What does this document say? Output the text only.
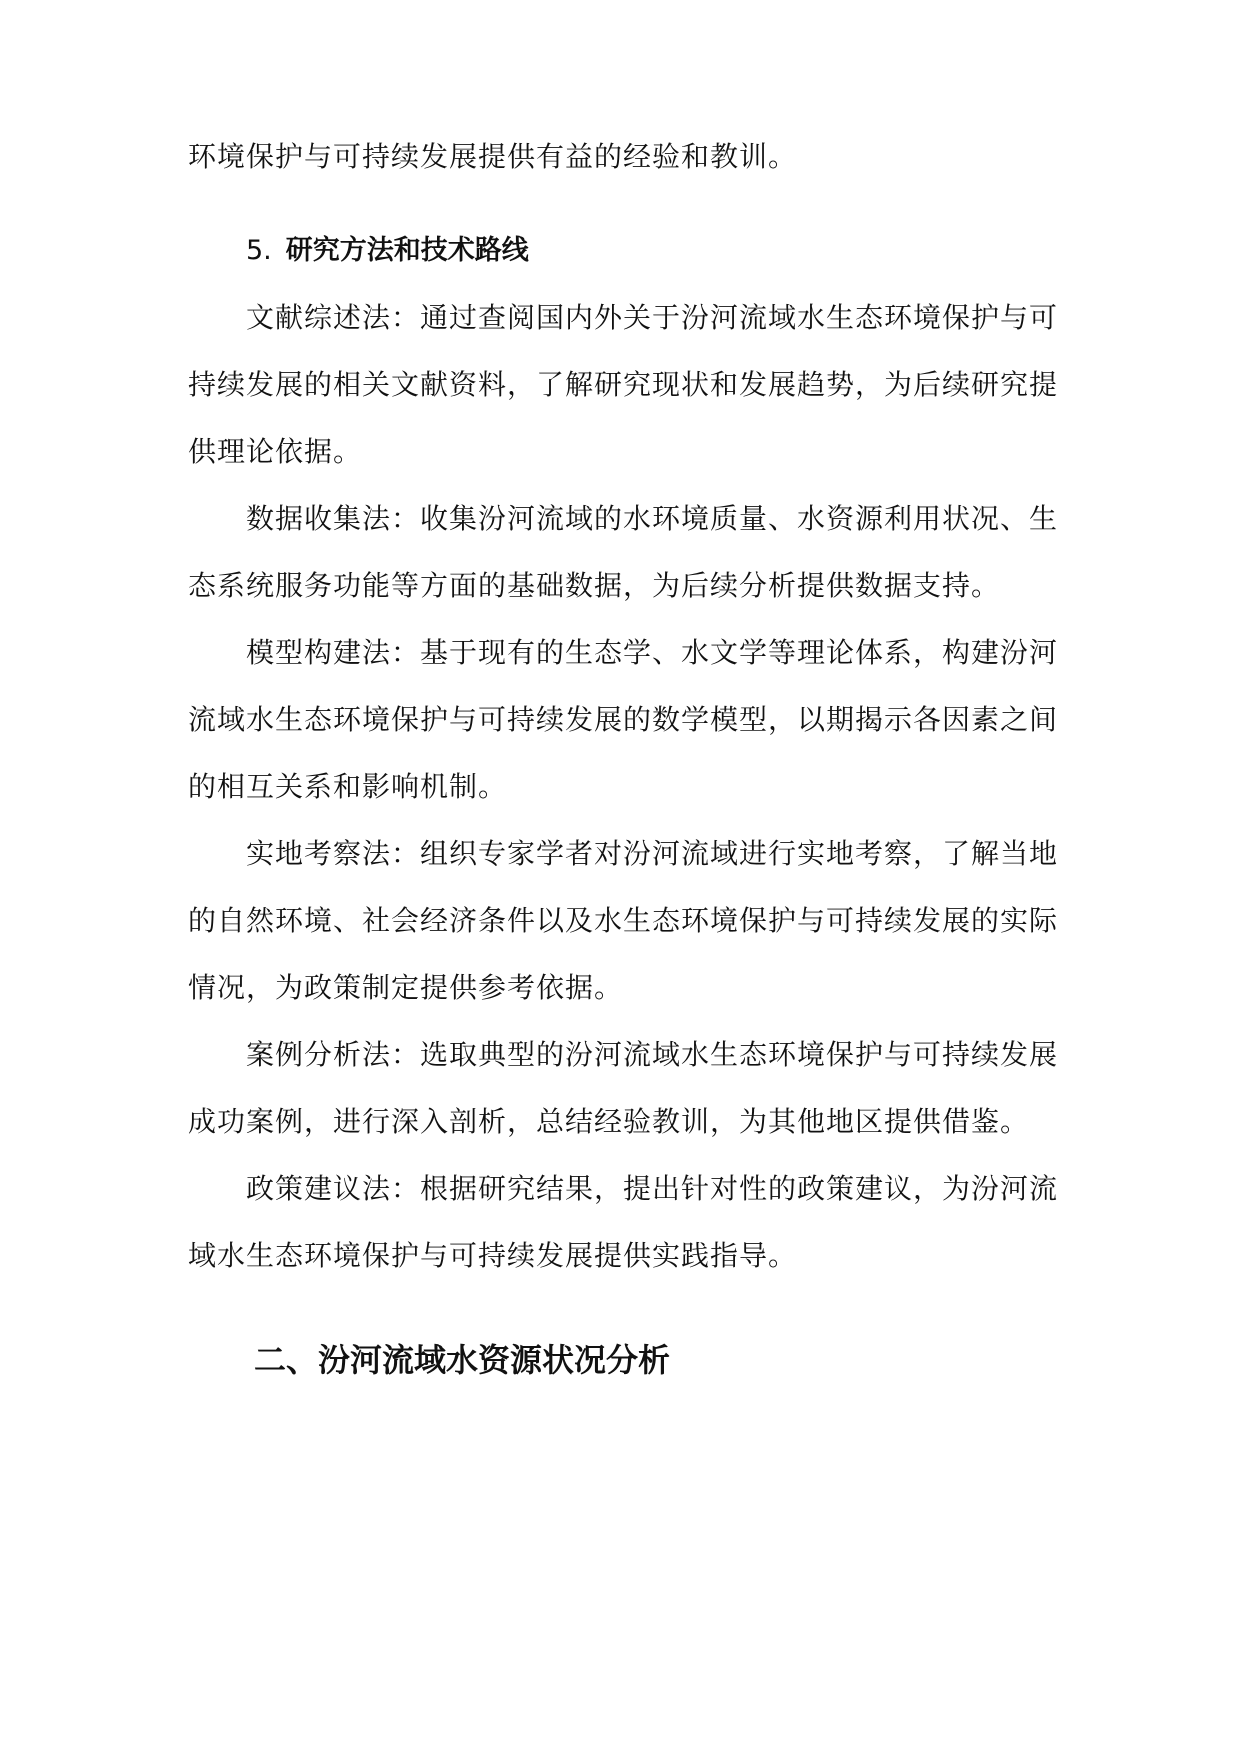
环境保护与可持续发展提供有益的经验和教训。
5. 研究方法和技术路线
文献综述法：通过查阅国内外关于汾河流域水生态环境保护与可
持续发展的相关文献资料，了解研究现状和发展趋势，为后续研究提
供理论依据。
数据收集法：收集汾河流域的水环境质量、水资源利用状况、生
态系统服务功能等方面的基础数据，为后续分析提供数据支持。
模型构建法：基于现有的生态学、水文学等理论体系，构建汾河
流域水生态环境保护与可持续发展的数学模型，以期揭示各因素之间
的相互关系和影响机制。
实地考察法：组织专家学者对汾河流域进行实地考察，了解当地
的自然环境、社会经济条件以及水生态环境保护与可持续发展的实际
情况，为政策制定提供参考依据。
案例分析法：选取典型的汾河流域水生态环境保护与可持续发展
成功案例，进行深入剖析，总结经验教训，为其他地区提供借鉴。
政策建议法：根据研究结果，提出针对性的政策建议，为汾河流
域水生态环境保护与可持续发展提供实践指导。
二、汾河流域水资源状况分析
